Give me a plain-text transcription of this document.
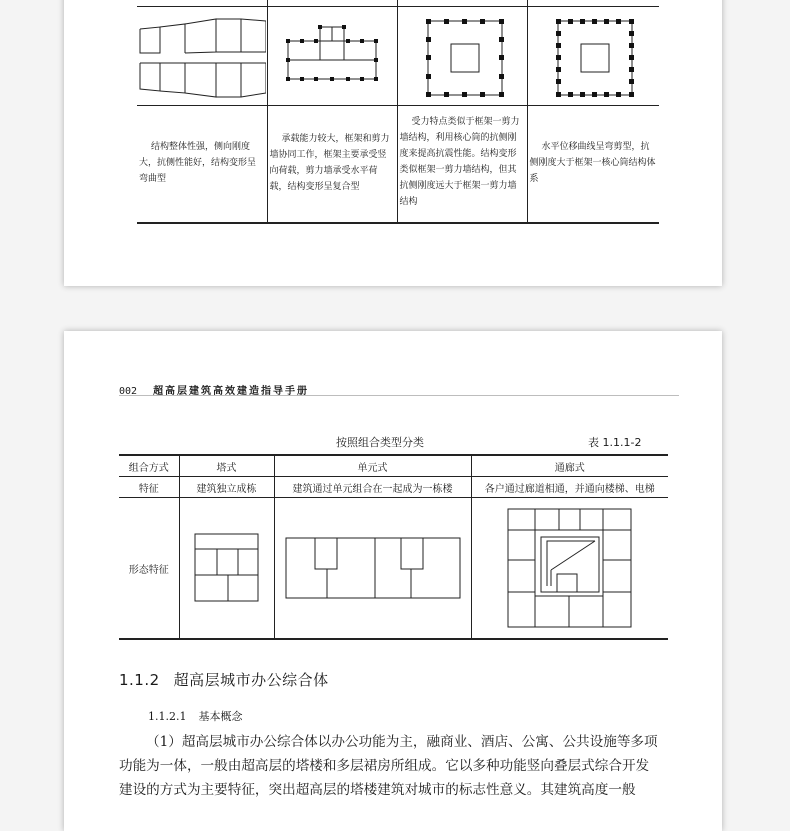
结构整体性强，侧向刚度大，抗侧性能好，结构变形呈弯曲型	承载能力较大，框架和剪力墙协同工作，框架主要承受竖向荷载，剪力墙承受水平荷载，结构变形呈复合型	受力特点类似于框架一剪力墙结构，利用核心筒的抗侧刚度来提高抗震性能。结构变形类似框架一剪力墙结构，但其抗侧刚度远大于框架一剪力墙结构	水平位移曲线呈弯剪型，抗侧刚度大于框架一核心筒结构体系
002 超高层建筑高效建造指导手册
按照组合类型分类	表 1.1.1-2
组合方式	塔式	单元式	通廊式
特征	建筑独立成栋	建筑通过单元组合在一起成为一栋楼	各户通过廊道相通，并通向楼梯、电梯
形态特征	

1.1.2 超高层城市办公综合体
1.1.2.1 基本概念

（1）超高层城市办公综合体以办公功能为主，融商业、酒店、公寓、公共设施等多项
功能为一体，一般由超高层的塔楼和多层裙房所组成。它以多种功能竖向叠层式综合开发
建设的方式为主要特征，突出超高层的塔楼建筑对城市的标志性意义。其建筑高度一般
